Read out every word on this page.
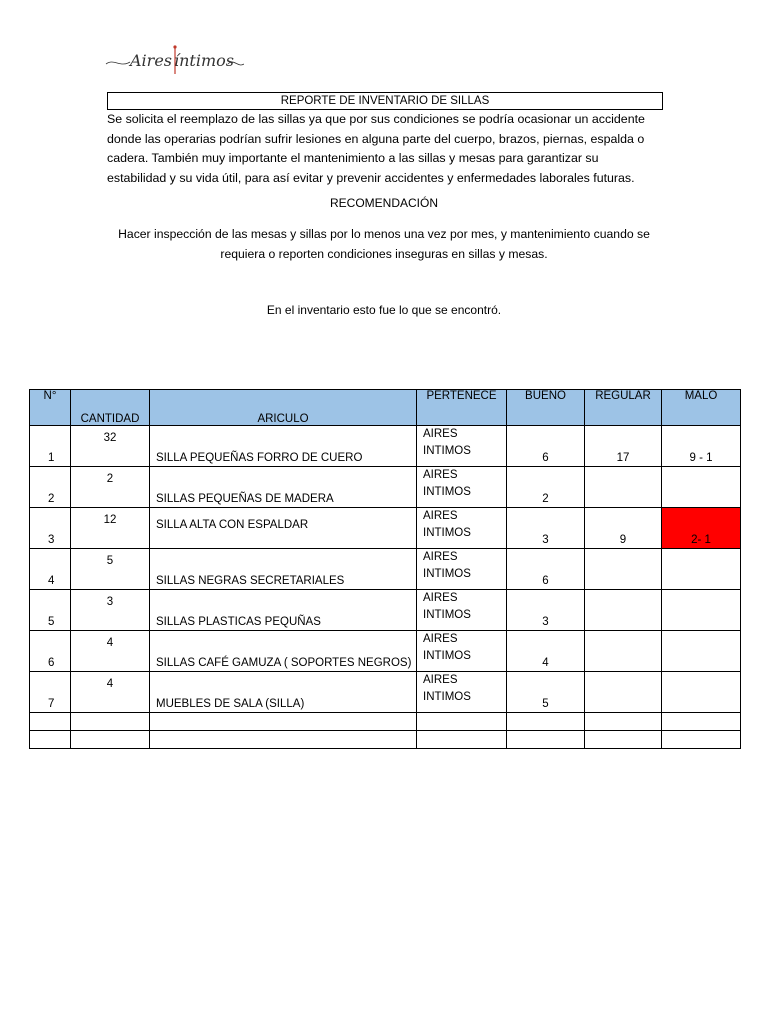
Aires íntimos
REPORTE DE INVENTARIO DE SILLAS
Se solicita el reemplazo de las sillas ya que por sus condiciones se podría ocasionar un accidente
donde las operarias podrían sufrir lesiones en alguna parte del cuerpo, brazos, piernas, espalda o
cadera. También muy importante el mantenimiento a las sillas y mesas para garantizar su
estabilidad y su vida útil, para así evitar y prevenir accidentes y enfermedades laborales futuras.
RECOMENDACIÓN
Hacer inspección de las mesas y sillas por lo menos una vez por mes, y mantenimiento cuando se
requiera o reporten condiciones inseguras en sillas y mesas.
En el inventario esto fue lo que se encontró.
N°	CANTIDAD	ARICULO	PERTENECE	BUENO	REGULAR	MALO
1	32	SILLA PEQUEÑAS FORRO DE CUERO	AIRES
INTIMOS	6	17	9 - 1
2	2	SILLAS PEQUEÑAS DE MADERA	AIRES
INTIMOS	2		
3	12	SILLA ALTA CON ESPALDAR	AIRES
INTIMOS	3	9	2- 1
4	5	SILLAS NEGRAS SECRETARIALES	AIRES
INTIMOS	6		
5	3	SILLAS PLASTICAS PEQUÑAS	AIRES
INTIMOS	3		
6	4	SILLAS CAFÉ GAMUZA ( SOPORTES NEGROS)	AIRES
INTIMOS	4		
7	4	MUEBLES DE SALA (SILLA)	AIRES
INTIMOS	5		
